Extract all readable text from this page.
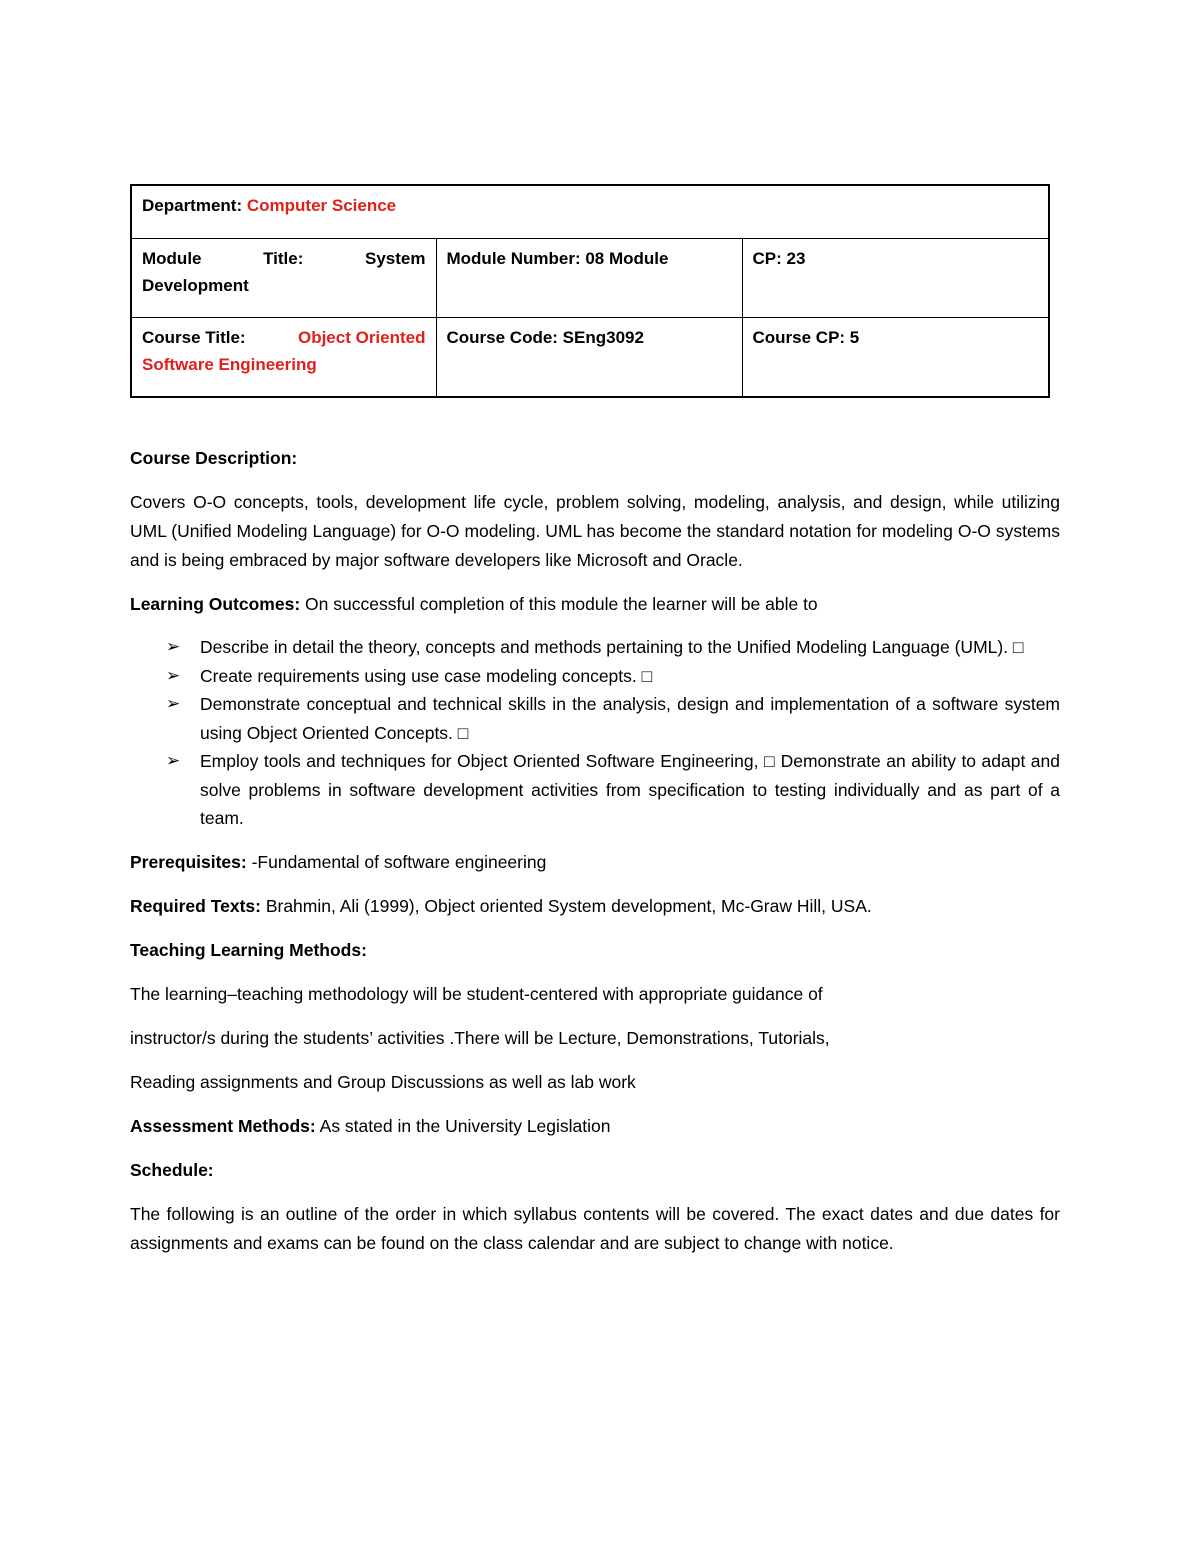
Department: Computer Science		

Module Title: System
Development	Module Number: 08 Module	CP: 23

Course Title: Object Oriented
Software Engineering	Course Code: SEng3092	Course CP: 5

Course Description:

Covers O-O concepts, tools, development life cycle, problem solving, modeling, analysis, and design, while utilizing UML (Unified Modeling Language) for O-O modeling. UML has become the standard notation for modeling O-O systems and is being embraced by major software developers like Microsoft and Oracle.

Learning Outcomes: On successful completion of this module the learner will be able to

➢ Describe in detail the theory, concepts and methods pertaining to the Unified Modeling Language (UML). □
➢ Create requirements using use case modeling concepts. □
➢ Demonstrate conceptual and technical skills in the analysis, design and implementation of a software system using Object Oriented Concepts. □
➢ Employ tools and techniques for Object Oriented Software Engineering, □ Demonstrate an ability to adapt and solve problems in software development activities from specification to testing individually and as part of a team.

Prerequisites: -Fundamental of software engineering

Required Texts: Brahmin, Ali (1999), Object oriented System development, Mc-Graw Hill, USA.

Teaching Learning Methods:

The learning–teaching methodology will be student-centered with appropriate guidance of

instructor/s during the students’ activities .There will be Lecture, Demonstrations, Tutorials,

Reading assignments and Group Discussions as well as lab work

Assessment Methods: As stated in the University Legislation

Schedule:

The following is an outline of the order in which syllabus contents will be covered. The exact dates and due dates for assignments and exams can be found on the class calendar and are subject to change with notice.
